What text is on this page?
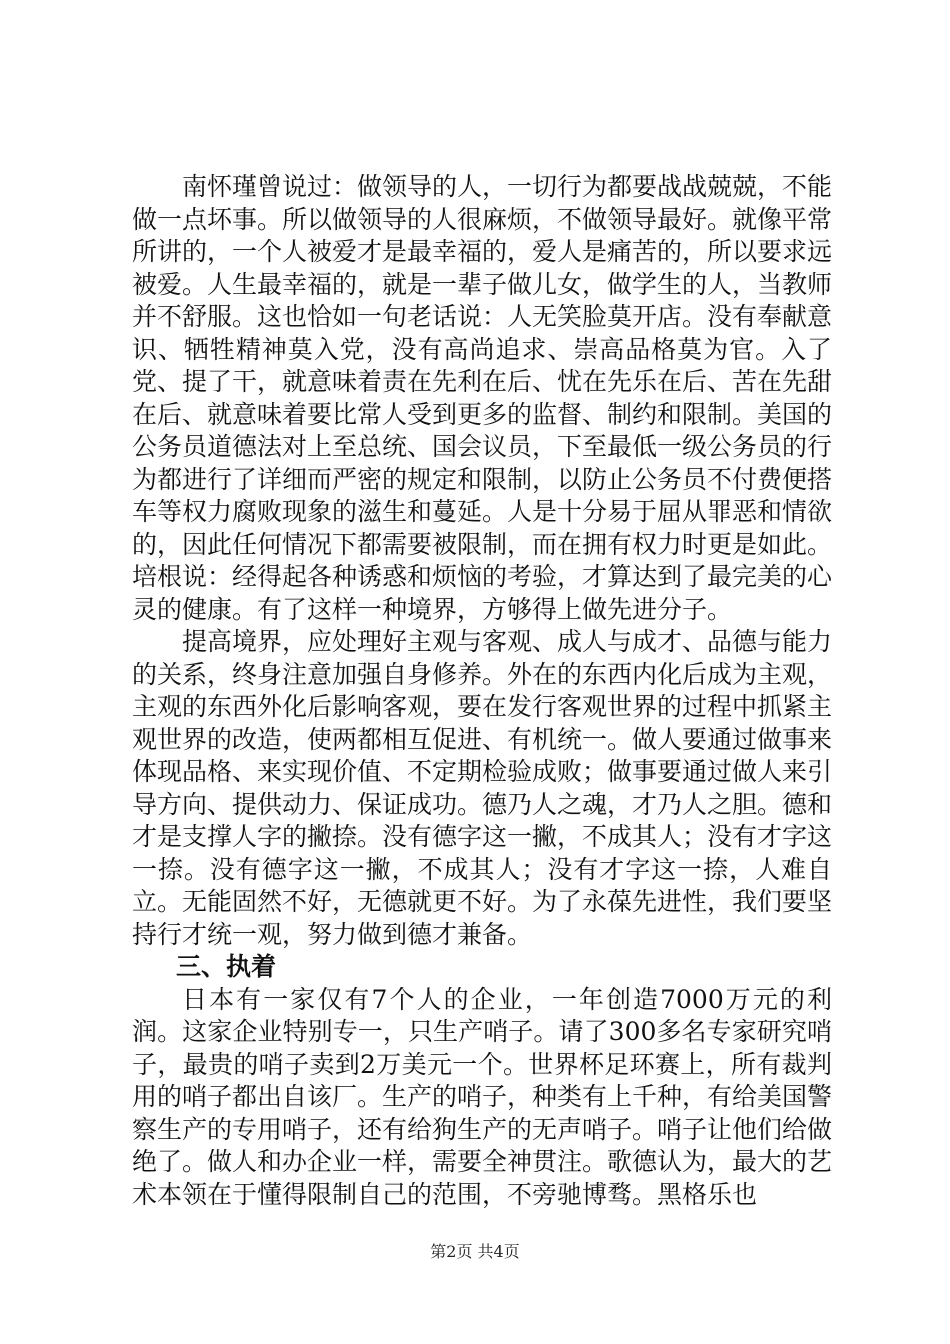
南怀瑾曾说过：做领导的人，一切行为都要战战兢兢，不能做一点坏事。所以做领导的人很麻烦，不做领导最好。就像平常所讲的，一个人被爱才是最幸福的，爱人是痛苦的，所以要求远被爱。人生最幸福的，就是一辈子做儿女，做学生的人，当教师并不舒服。这也恰如一句老话说：人无笑脸莫开店。没有奉献意识、牺牲精神莫入党，没有高尚追求、崇高品格莫为官。入了党、提了干，就意味着责在先利在后、忧在先乐在后、苦在先甜在后、就意味着要比常人受到更多的监督、制约和限制。美国的公务员道德法对上至总统、国会议员，下至最低一级公务员的行为都进行了详细而严密的规定和限制，以防止公务员不付费便搭车等权力腐败现象的滋生和蔓延。人是十分易于屈从罪恶和情欲的，因此任何情况下都需要被限制，而在拥有权力时更是如此。培根说：经得起各种诱惑和烦恼的考验，才算达到了最完美的心灵的健康。有了这样一种境界，方够得上做先进分子。

提高境界，应处理好主观与客观、成人与成才、品德与能力的关系，终身注意加强自身修养。外在的东西内化后成为主观，主观的东西外化后影响客观，要在发行客观世界的过程中抓紧主观世界的改造，使两都相互促进、有机统一。做人要通过做事来体现品格、来实现价值、不定期检验成败；做事要通过做人来引导方向、提供动力、保证成功。德乃人之魂，才乃人之胆。德和才是支撑人字的撇捺。没有德字这一撇，不成其人；没有才字这一捺。没有德字这一撇，不成其人；没有才字这一捺，人难自立。无能固然不好，无德就更不好。为了永葆先进性，我们要坚持行才统一观，努力做到德才兼备。

三、执着

日本有一家仅有7个人的企业，一年创造7000万元的利润。这家企业特别专一，只生产哨子。请了300多名专家研究哨子，最贵的哨子卖到2万美元一个。世界杯足环赛上，所有裁判用的哨子都出自该厂。生产的哨子，种类有上千种，有给美国警察生产的专用哨子，还有给狗生产的无声哨子。哨子让他们给做绝了。做人和办企业一样，需要全神贯注。歌德认为，最大的艺术本领在于懂得限制自己的范围，不旁驰博骛。黑格乐也

第2页 共4页
